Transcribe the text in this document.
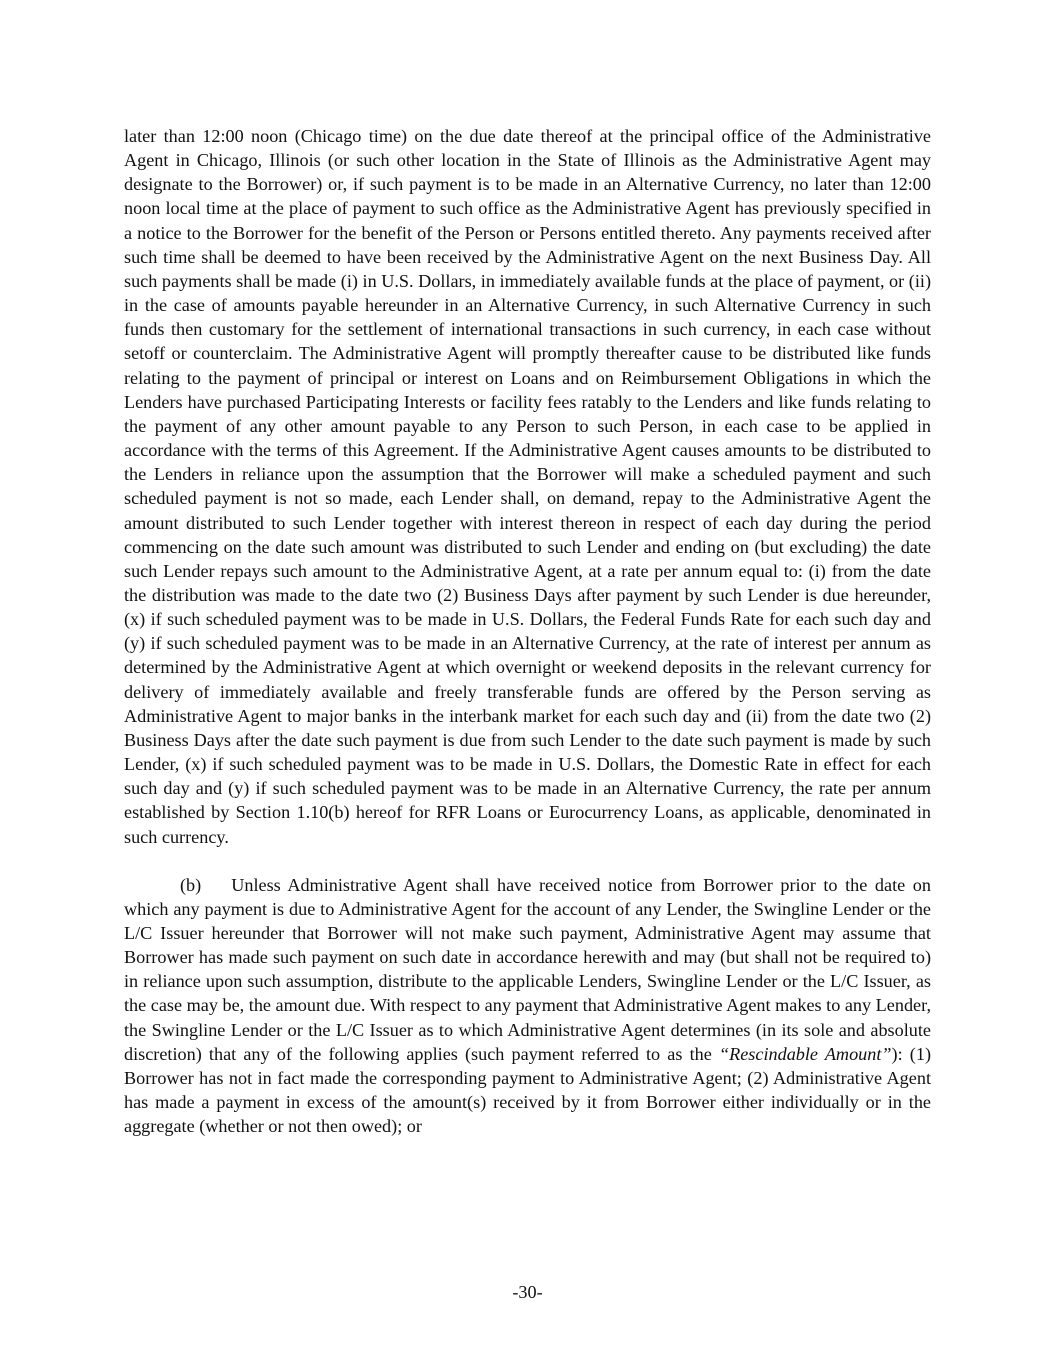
later than 12:00 noon (Chicago time) on the due date thereof at the principal office of the Administrative Agent in Chicago, Illinois (or such other location in the State of Illinois as the Administrative Agent may designate to the Borrower) or, if such payment is to be made in an Alternative Currency, no later than 12:00 noon local time at the place of payment to such office as the Administrative Agent has previously specified in a notice to the Borrower for the benefit of the Person or Persons entitled thereto. Any payments received after such time shall be deemed to have been received by the Administrative Agent on the next Business Day. All such payments shall be made (i) in U.S. Dollars, in immediately available funds at the place of payment, or (ii) in the case of amounts payable hereunder in an Alternative Currency, in such Alternative Currency in such funds then customary for the settlement of international transactions in such currency, in each case without setoff or counterclaim. The Administrative Agent will promptly thereafter cause to be distributed like funds relating to the payment of principal or interest on Loans and on Reimbursement Obligations in which the Lenders have purchased Participating Interests or facility fees ratably to the Lenders and like funds relating to the payment of any other amount payable to any Person to such Person, in each case to be applied in accordance with the terms of this Agreement. If the Administrative Agent causes amounts to be distributed to the Lenders in reliance upon the assumption that the Borrower will make a scheduled payment and such scheduled payment is not so made, each Lender shall, on demand, repay to the Administrative Agent the amount distributed to such Lender together with interest thereon in respect of each day during the period commencing on the date such amount was distributed to such Lender and ending on (but excluding) the date such Lender repays such amount to the Administrative Agent, at a rate per annum equal to: (i) from the date the distribution was made to the date two (2) Business Days after payment by such Lender is due hereunder, (x) if such scheduled payment was to be made in U.S. Dollars, the Federal Funds Rate for each such day and (y) if such scheduled payment was to be made in an Alternative Currency, at the rate of interest per annum as determined by the Administrative Agent at which overnight or weekend deposits in the relevant currency for delivery of immediately available and freely transferable funds are offered by the Person serving as Administrative Agent to major banks in the interbank market for each such day and (ii) from the date two (2) Business Days after the date such payment is due from such Lender to the date such payment is made by such Lender, (x) if such scheduled payment was to be made in U.S. Dollars, the Domestic Rate in effect for each such day and (y) if such scheduled payment was to be made in an Alternative Currency, the rate per annum established by Section 1.10(b) hereof for RFR Loans or Eurocurrency Loans, as applicable, denominated in such currency.

(b) Unless Administrative Agent shall have received notice from Borrower prior to the date on which any payment is due to Administrative Agent for the account of any Lender, the Swingline Lender or the L/C Issuer hereunder that Borrower will not make such payment, Administrative Agent may assume that Borrower has made such payment on such date in accordance herewith and may (but shall not be required to) in reliance upon such assumption, distribute to the applicable Lenders, Swingline Lender or the L/C Issuer, as the case may be, the amount due. With respect to any payment that Administrative Agent makes to any Lender, the Swingline Lender or the L/C Issuer as to which Administrative Agent determines (in its sole and absolute discretion) that any of the following applies (such payment referred to as the “Rescindable Amount”): (1) Borrower has not in fact made the corresponding payment to Administrative Agent; (2) Administrative Agent has made a payment in excess of the amount(s) received by it from Borrower either individually or in the aggregate (whether or not then owed); or

-30-
